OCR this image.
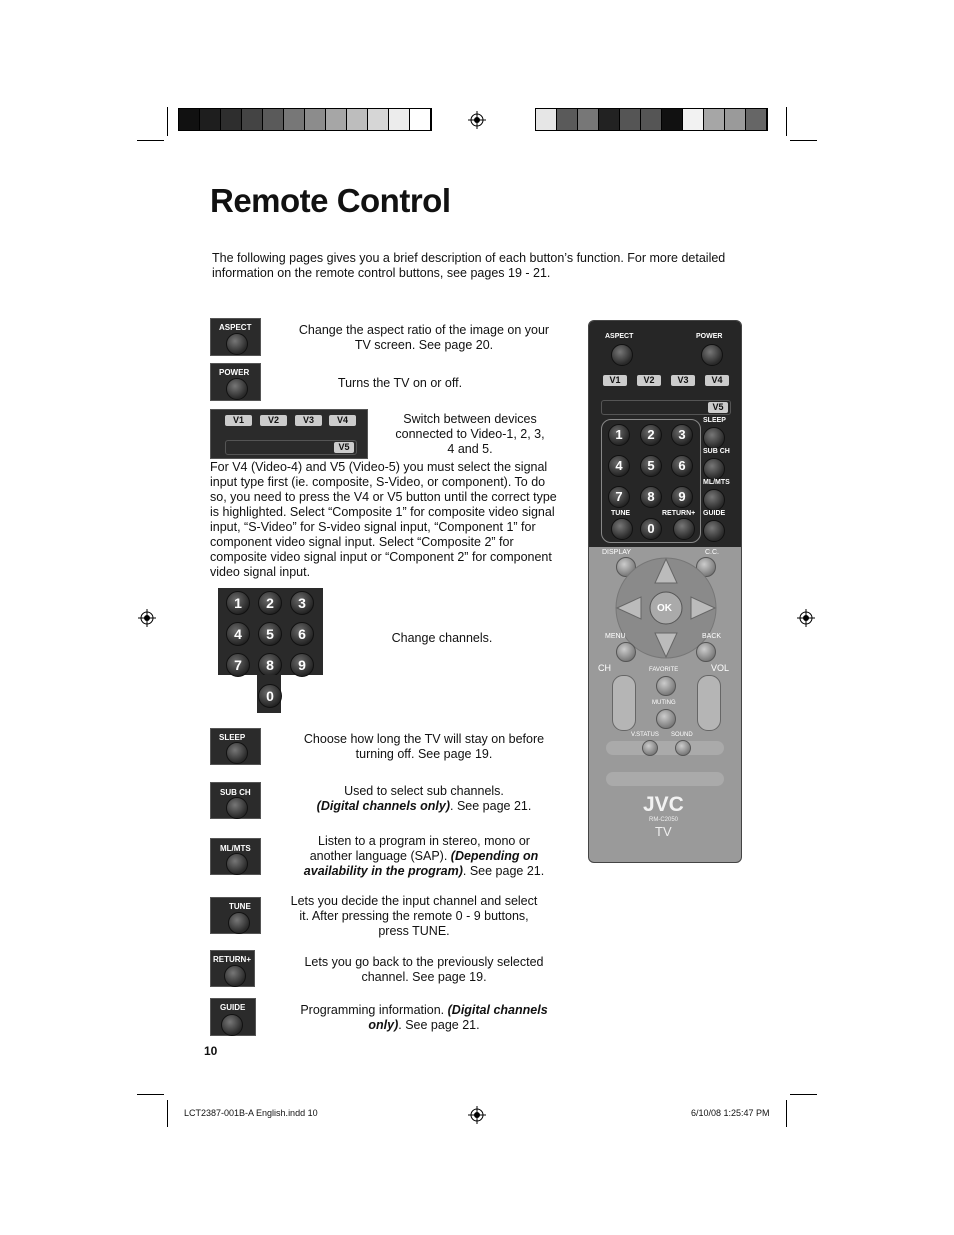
Remote Control
The following pages gives you a brief description of each button’s function. For more detailed information on the remote control buttons, see pages 19 - 21.
ASPECT	Change the aspect ratio of the image on your
TV screen. See page 20.
POWER
Turns the TV on or off.
V1	V2	V3	V4
V5
Switch between devices
connected to Video-1, 2, 3,
4 and 5.
For V4 (Video-4) and V5 (Video-5) you must select the signal input type first (ie. composite, S-Video, or component). To do so, you need to press the V4 or V5 button until the correct type is highlighted. Select “Composite 1” for composite video signal input, “S-Video” for S-video signal input, “Component 1” for component video signal input. Select “Composite 2” for composite video signal input or “Component 2” for component video signal input.
1	2	3
4	5	6
7	8	9
0
Change channels.
SLEEP	Choose how long the TV will stay on before
turning off. See page 19.
SUB CH	Used to select sub channels.
(Digital channels only). See page 21.
ML/MTS
Listen to a program in stereo, mono or
another language (SAP). (Depending on
availability in the program). See page 21.
TUNE	Lets you decide the input channel and select
it. After pressing the remote 0 - 9 buttons,
press TUNE.
RETURN+	Lets you go back to the previously selected
channel. See page 19.
GUIDE	Programming information. (Digital channels
only). See page 21.
ASPECT	POWER
V1	V2	V3	V4
V5
1	2	3
4	5	6
7	8	9
0
TUNE	RETURN+
SLEEP
SUB CH
ML/MTS
GUIDE
DISPLAY	C.C.
OK
MENU	BACK
CH	VOL
FAVORITE
MUTING
V.STATUS SOUND
JVC
RM-C2050
TV
10
LCT2387-001B-A English.indd 10	6/10/08 1:25:47 PM
